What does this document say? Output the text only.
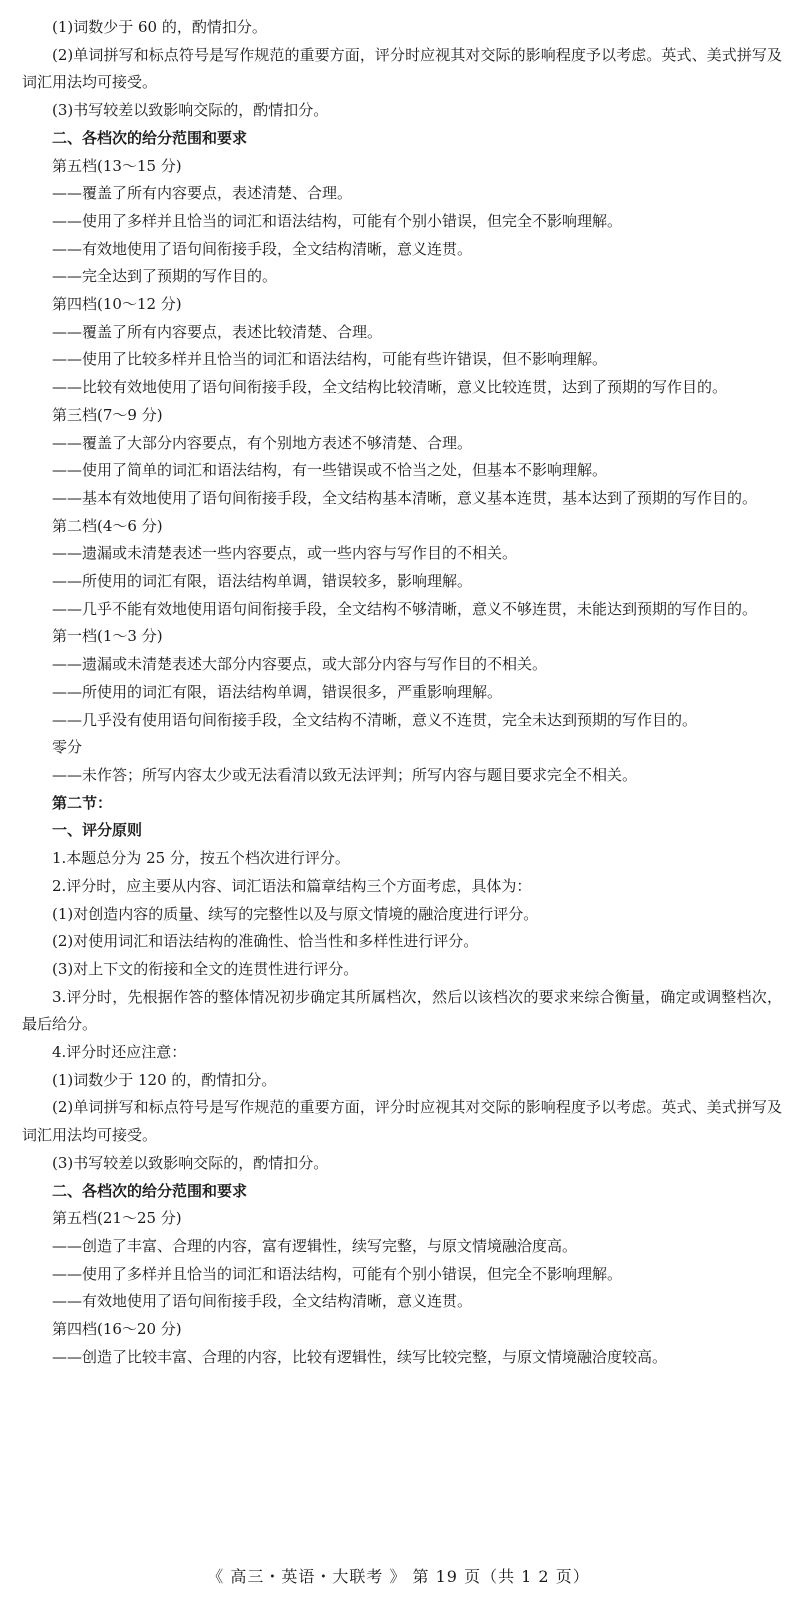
(1)词数少于 60 的，酌情扣分。

(2)单词拼写和标点符号是写作规范的重要方面，评分时应视其对交际的影响程度予以考虑。英式、美式拼写及词汇用法均可接受。

(3)书写较差以致影响交际的，酌情扣分。

二、各档次的给分范围和要求

第五档(13～15 分)

——覆盖了所有内容要点，表述清楚、合理。

——使用了多样并且恰当的词汇和语法结构，可能有个别小错误，但完全不影响理解。

——有效地使用了语句间衔接手段，全文结构清晰，意义连贯。

——完全达到了预期的写作目的。

第四档(10～12 分)

——覆盖了所有内容要点，表述比较清楚、合理。

——使用了比较多样并且恰当的词汇和语法结构，可能有些许错误，但不影响理解。

——比较有效地使用了语句间衔接手段，全文结构比较清晰，意义比较连贯，达到了预期的写作目的。

第三档(7～9 分)

——覆盖了大部分内容要点，有个别地方表述不够清楚、合理。

——使用了简单的词汇和语法结构，有一些错误或不恰当之处，但基本不影响理解。

——基本有效地使用了语句间衔接手段，全文结构基本清晰，意义基本连贯，基本达到了预期的写作目的。

第二档(4～6 分)

——遗漏或未清楚表述一些内容要点，或一些内容与写作目的不相关。

——所使用的词汇有限，语法结构单调，错误较多，影响理解。

——几乎不能有效地使用语句间衔接手段，全文结构不够清晰，意义不够连贯，未能达到预期的写作目的。

第一档(1～3 分)

——遗漏或未清楚表述大部分内容要点，或大部分内容与写作目的不相关。

——所使用的词汇有限，语法结构单调，错误很多，严重影响理解。

——几乎没有使用语句间衔接手段，全文结构不清晰，意义不连贯，完全未达到预期的写作目的。

零分

——未作答；所写内容太少或无法看清以致无法评判；所写内容与题目要求完全不相关。

第二节：

一、评分原则

1.本题总分为 25 分，按五个档次进行评分。

2.评分时，应主要从内容、词汇语法和篇章结构三个方面考虑，具体为：

(1)对创造内容的质量、续写的完整性以及与原文情境的融洽度进行评分。

(2)对使用词汇和语法结构的准确性、恰当性和多样性进行评分。

(3)对上下文的衔接和全文的连贯性进行评分。

3.评分时，先根据作答的整体情况初步确定其所属档次，然后以该档次的要求来综合衡量，确定或调整档次，最后给分。

4.评分时还应注意：

(1)词数少于 120 的，酌情扣分。

(2)单词拼写和标点符号是写作规范的重要方面，评分时应视其对交际的影响程度予以考虑。英式、美式拼写及词汇用法均可接受。

(3)书写较差以致影响交际的，酌情扣分。

二、各档次的给分范围和要求

第五档(21～25 分)

——创造了丰富、合理的内容，富有逻辑性，续写完整，与原文情境融洽度高。

——使用了多样并且恰当的词汇和语法结构，可能有个别小错误，但完全不影响理解。

——有效地使用了语句间衔接手段，全文结构清晰，意义连贯。

第四档(16～20 分)

——创造了比较丰富、合理的内容，比较有逻辑性，续写比较完整，与原文情境融洽度较高。

《 高三・英语・大联考 》 第 19 页（共 1 2 页）
